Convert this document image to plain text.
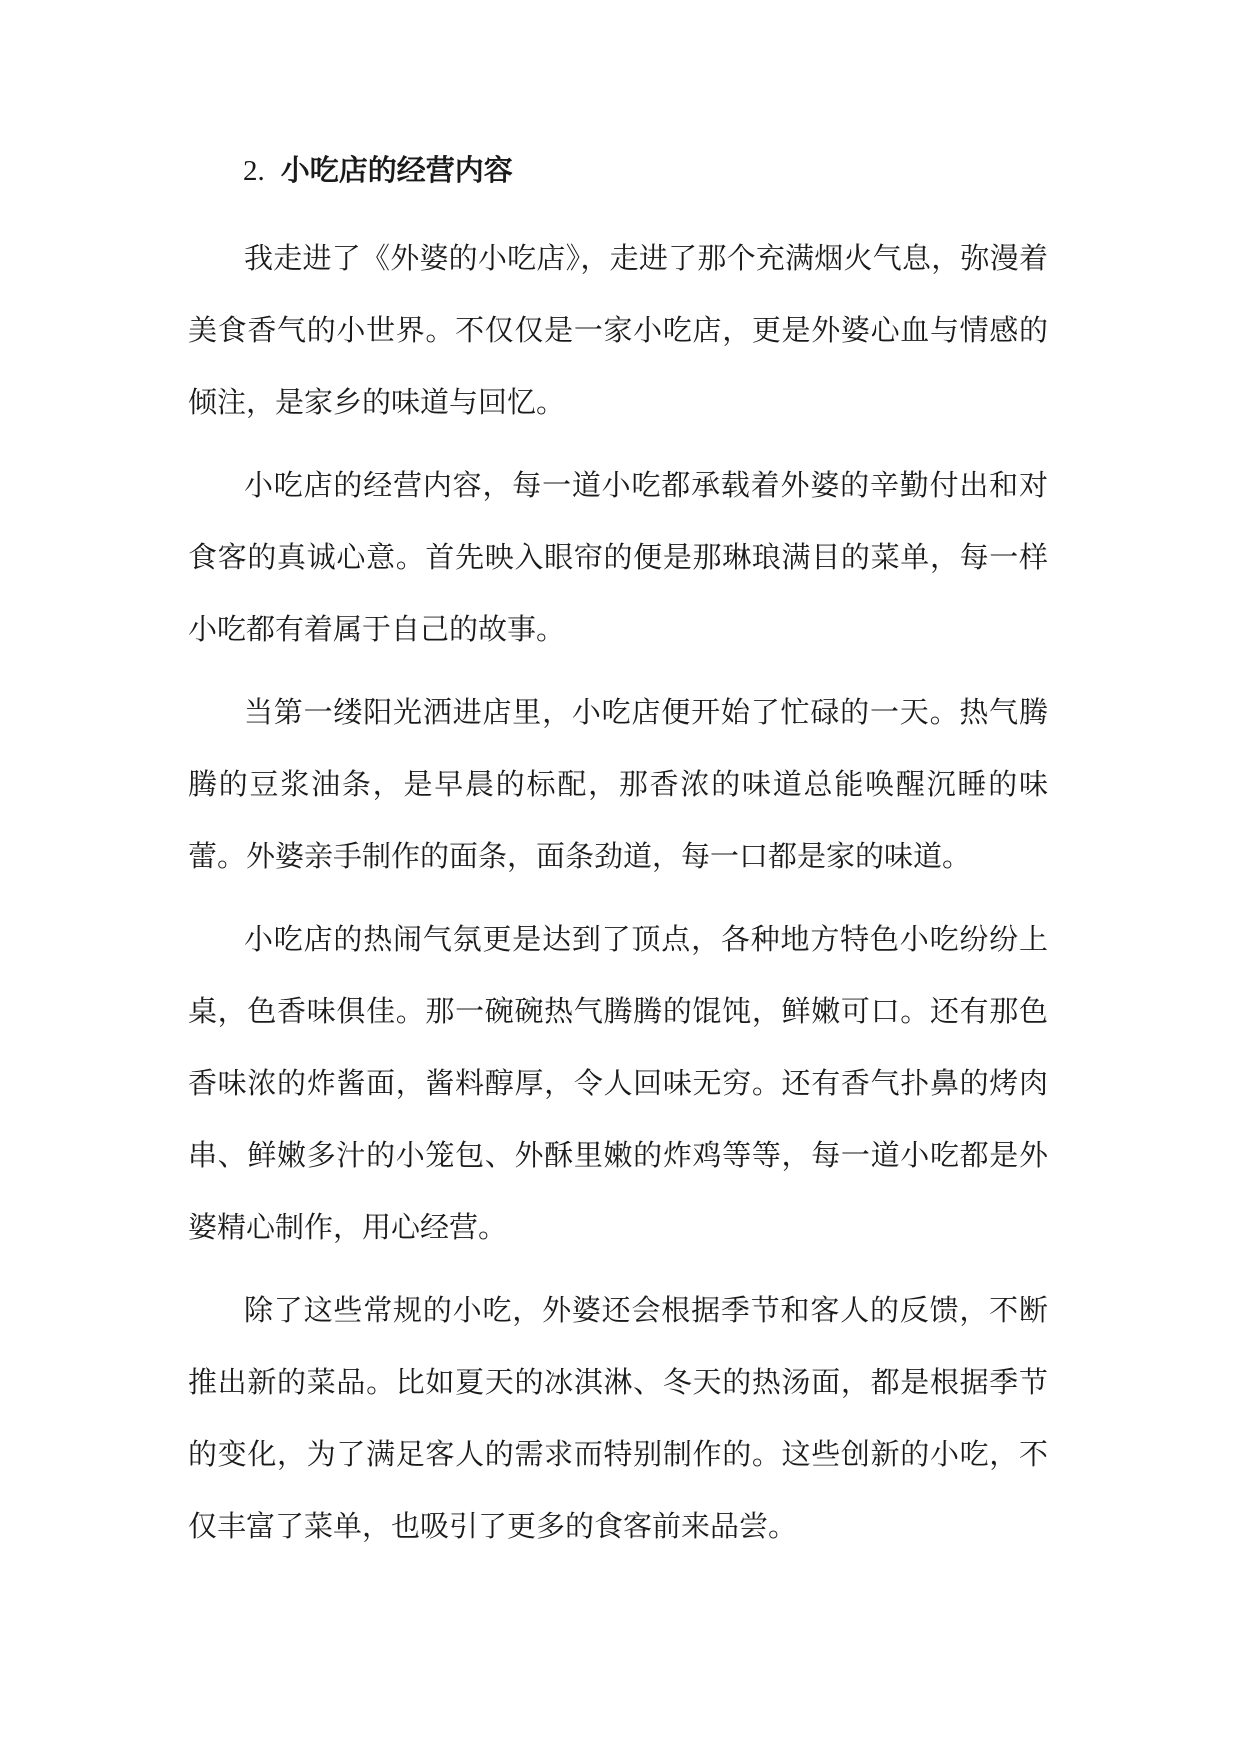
2. 小吃店的经营内容

我走进了《外婆的小吃店》，走进了那个充满烟火气息，弥漫着美食香气的小世界。不仅仅是一家小吃店，更是外婆心血与情感的倾注，是家乡的味道与回忆。

小吃店的经营内容，每一道小吃都承载着外婆的辛勤付出和对食客的真诚心意。首先映入眼帘的便是那琳琅满目的菜单，每一样小吃都有着属于自己的故事。

当第一缕阳光洒进店里，小吃店便开始了忙碌的一天。热气腾腾的豆浆油条，是早晨的标配，那香浓的味道总能唤醒沉睡的味蕾。外婆亲手制作的面条，面条劲道，每一口都是家的味道。

小吃店的热闹气氛更是达到了顶点，各种地方特色小吃纷纷上桌，色香味俱佳。那一碗碗热气腾腾的馄饨，鲜嫩可口。还有那色香味浓的炸酱面，酱料醇厚，令人回味无穷。还有香气扑鼻的烤肉串、鲜嫩多汁的小笼包、外酥里嫩的炸鸡等等，每一道小吃都是外婆精心制作，用心经营。

除了这些常规的小吃，外婆还会根据季节和客人的反馈，不断推出新的菜品。比如夏天的冰淇淋、冬天的热汤面，都是根据季节的变化，为了满足客人的需求而特别制作的。这些创新的小吃，不仅丰富了菜单，也吸引了更多的食客前来品尝。
